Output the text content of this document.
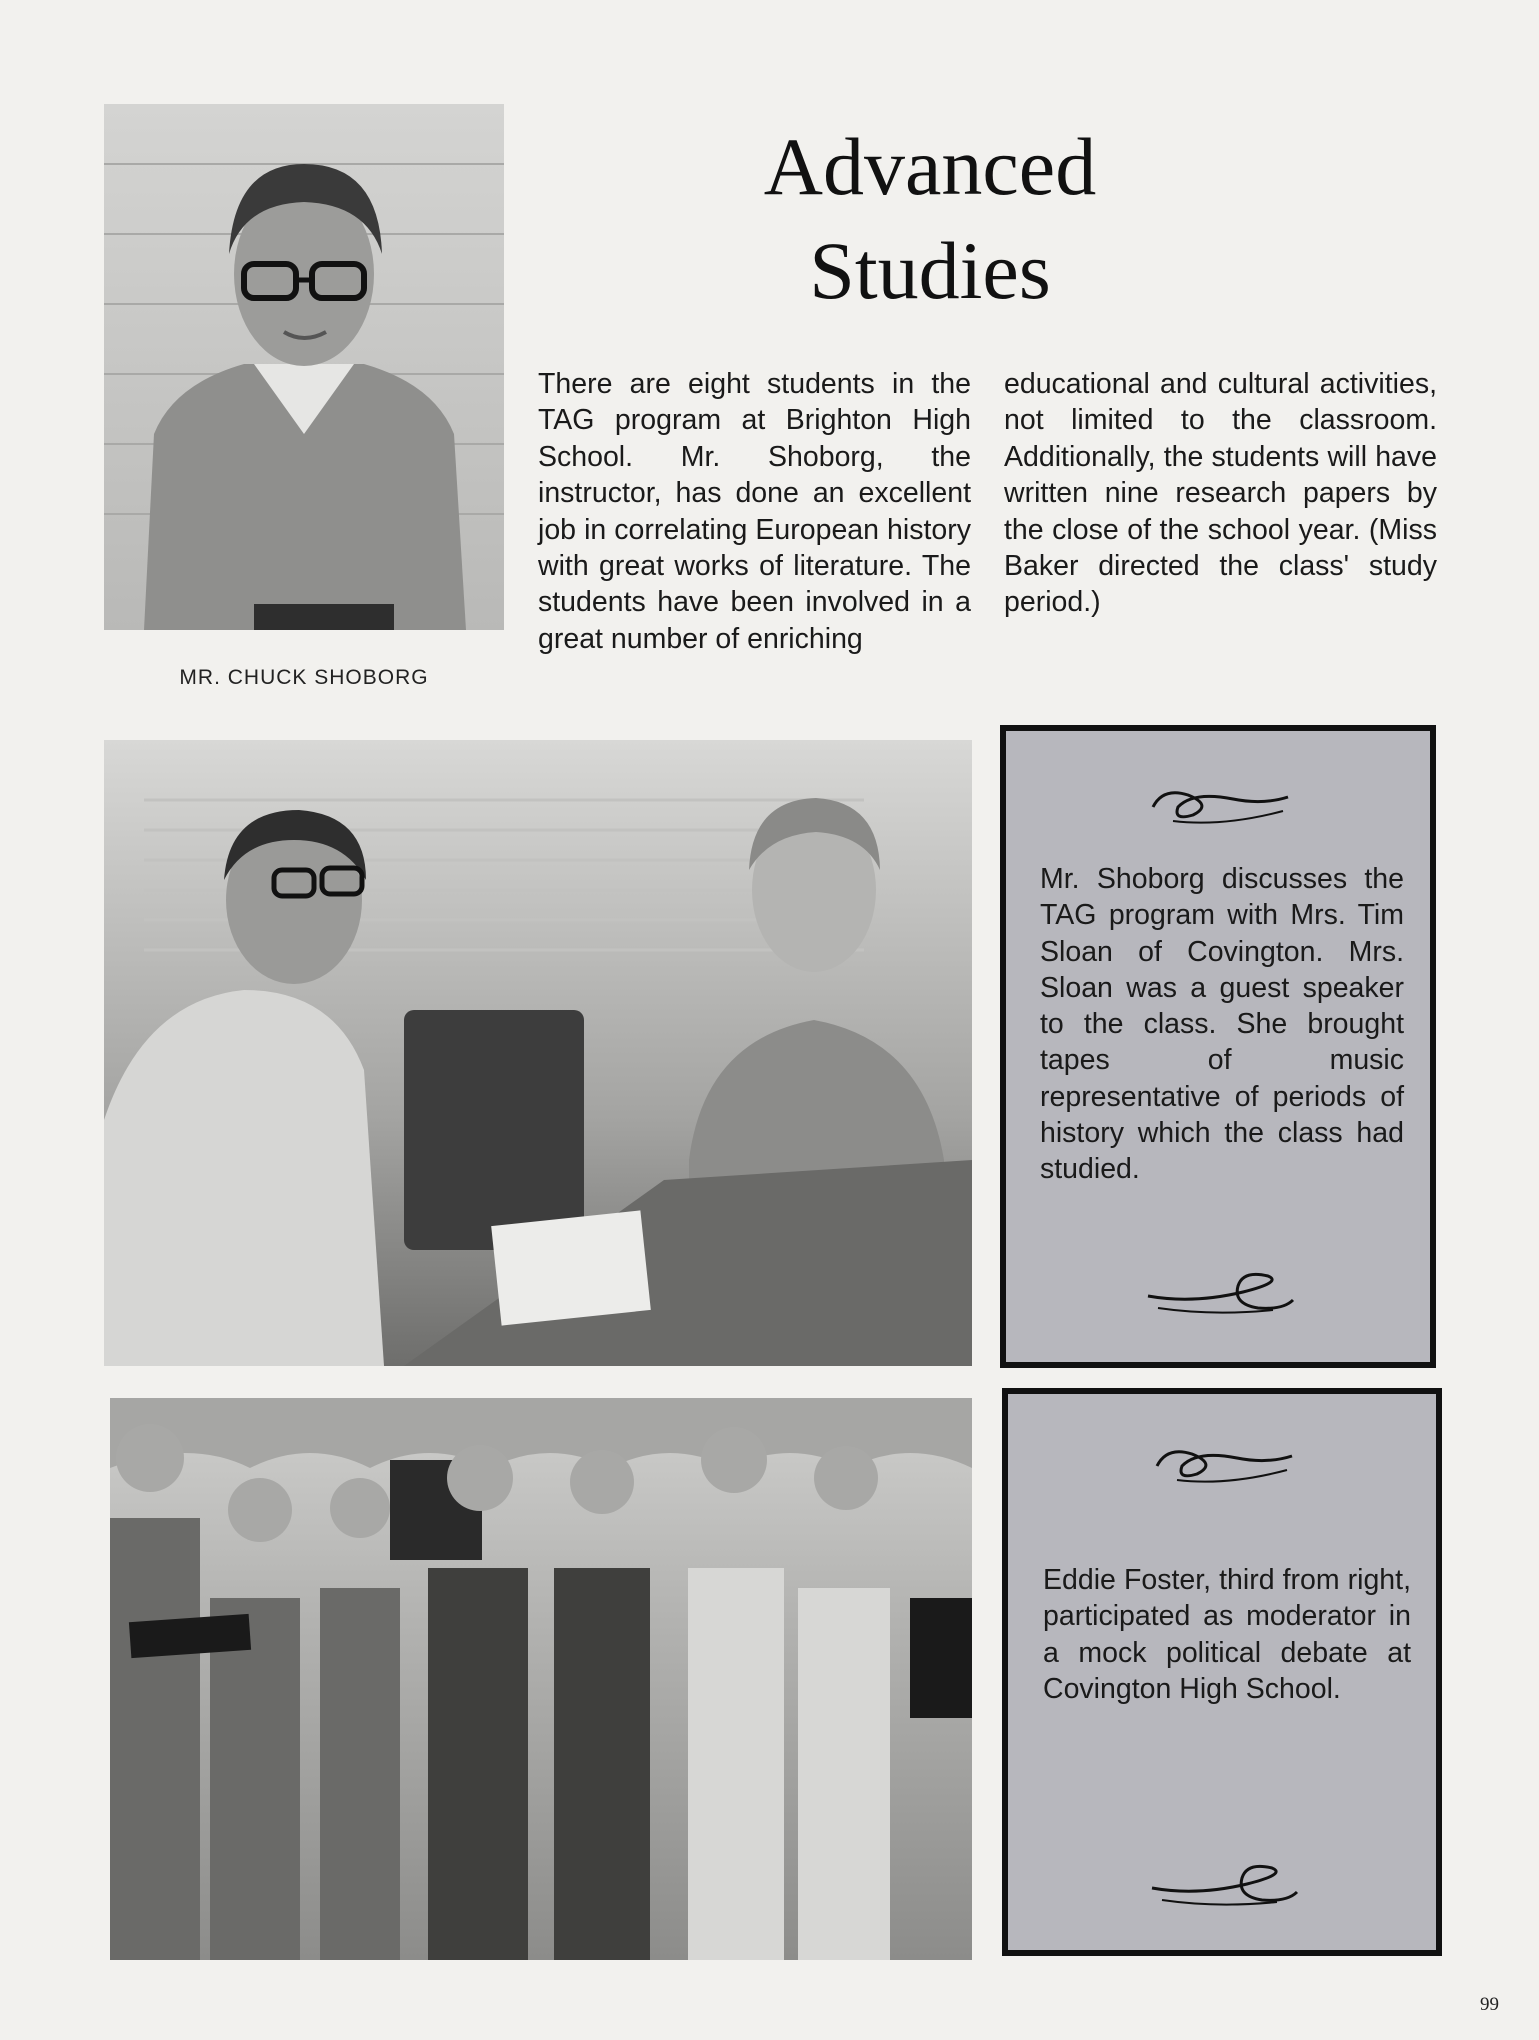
MR. CHUCK SHOBORG
Advanced
Studies

There are eight students in the TAG program at Brighton High School. Mr. Shoborg, the instructor, has done an excellent job in correlating European history with great works of literature. The students have been involved in a great number of enriching

educational and cultural activities, not limited to the classroom. Additionally, the students will have written nine research papers by the close of the school year. (Miss Baker directed the class' study period.)

Mr. Shoborg discusses the TAG program with Mrs. Tim Sloan of Covington. Mrs. Sloan was a guest speaker to the class. She brought tapes of music representative of periods of history which the class had studied.

Eddie Foster, third from right, participated as moderator in a mock political debate at Covington High School.

99
